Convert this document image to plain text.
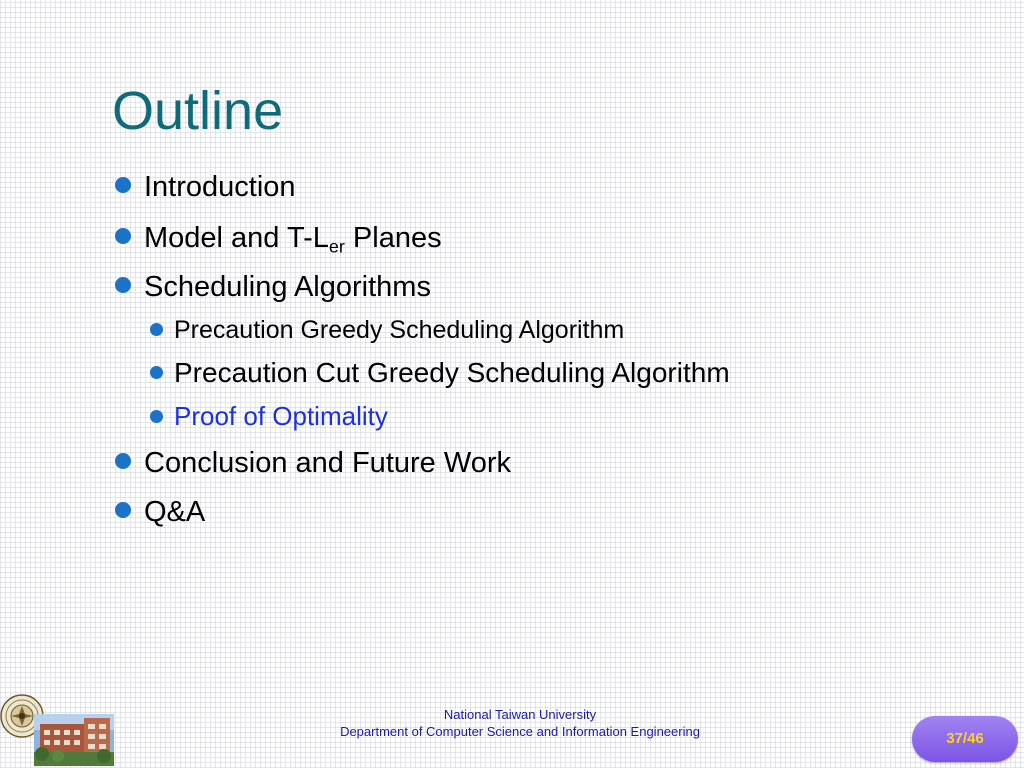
Outline
Introduction
Model and $T-L_{er}$ Planes
Scheduling Algorithms
Precaution Greedy Scheduling Algorithm
Precaution Cut Greedy Scheduling Algorithm
Proof of Optimality
Conclusion and Future Work
Q&A
National Taiwan University
Department of Computer Science and Information Engineering	37/46
